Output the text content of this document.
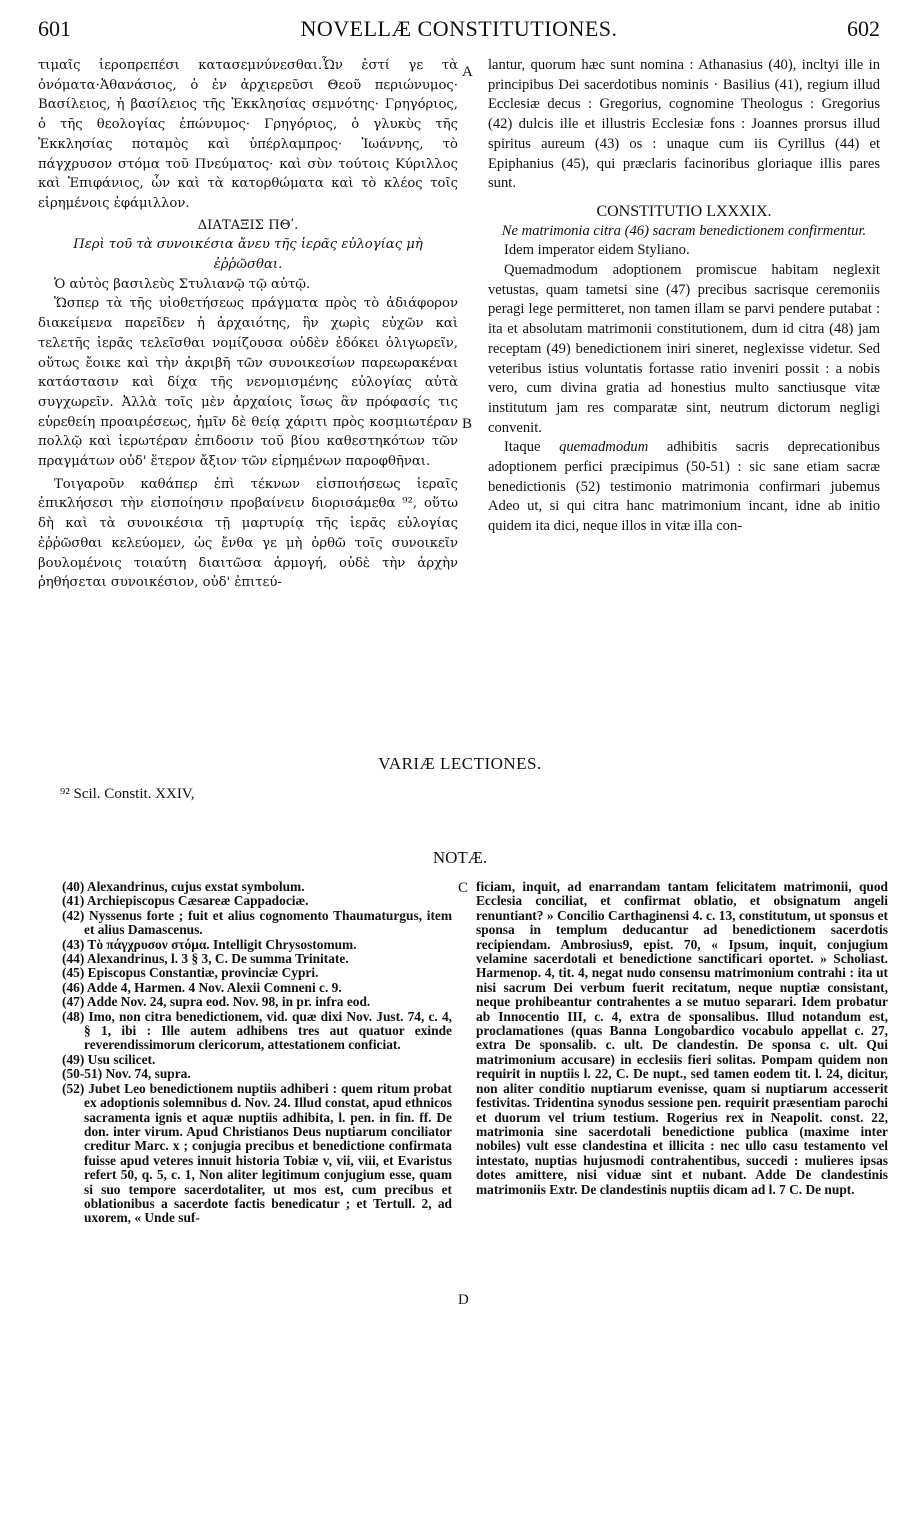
601	NOVELLÆ CONSTITUTIONES.	602

τιμαῖς ἱεροπρεπέσι κατασεμνύνεσθαι.Ὧν ἐστί γε τὰ ὀνόματα·Ἀθανάσιος, ὁ ἐν ἀρχιερεῦσι Θεοῦ περιώνυμος· Βασίλειος, ἡ βασίλειος τῆς Ἐκκλησίας σεμνότης· Γρηγόριος, ὁ τῆς θεολογίας ἐπώνυμος· Γρηγόριος, ὁ γλυκὺς τῆς Ἐκκλησίας ποταμὸς καὶ ὑπέρλαμπρος· Ἰωάννης, τὸ πάγχρυσον στόμα τοῦ Πνεύματος· καὶ σὺν τούτοις Κύριλλος καὶ Ἐπιφάνιος, ὧν καὶ τὰ κατορθώματα καὶ τὸ κλέος τοῖς εἰρημένοις ἐφάμιλλον.

ΔΙΑΤΑΞΙΣ ΠΘʹ.

Περὶ τοῦ τὰ συνοικέσια ἄνευ τῆς ἱερᾶς εὐλογίας μὴ ἐῤῥῶσθαι.

Ὁ αὐτὸς βασιλεὺς Στυλιανῷ τῷ αὐτῷ.

Ὥσπερ τὰ τῆς υἱοθετήσεως πράγματα πρὸς τὸ ἀδιάφορον διακείμενα παρεῖδεν ἡ ἀρχαιότης, ἣν χωρὶς εὐχῶν καὶ τελετῆς ἱερᾶς τελεῖσθαι νομίζουσα οὐδὲν ἐδόκει ὀλιγωρεῖν, οὕτως ἔοικε καὶ τὴν ἀκριβῆ τῶν συνοικεσίων παρεωρακέναι κατάστασιν καὶ δίχα τῆς νενομισμένης εὐλογίας αὐτὰ συγχωρεῖν. Ἀλλὰ τοῖς μὲν ἀρχαίοις ἴσως ἂν πρόφασίς τις εὑρεθείη προαιρέσεως, ἡμῖν δὲ θείᾳ χάριτι πρὸς κοσμιωτέραν πολλῷ καὶ ἱερωτέραν ἐπιδοσιν τοῦ βίου καθεστηκότων τῶν πραγμάτων οὐδ' ἕτερον ἄξιον τῶν εἰρημένων παροφθῆναι.

Τοιγαροῦν καθάπερ ἐπὶ τέκνων εἰσποιήσεως ἱεραῖς ἐπικλήσεσι τὴν εἰσποίησιν προβαίνειν διορισάμεθα ⁹², οὕτω δὴ καὶ τὰ συνοικέσια τῇ μαρτυρίᾳ τῆς ἱερᾶς εὐλογίας ἐῤῥῶσθαι κελεύομεν, ὡς ἔνθα γε μὴ ὀρθῶ τοῖς συνοικεῖν βουλομένοις τοιαύτη διαιτῶσα ἁρμογή, οὐδὲ τὴν ἀρχὴν ῥηθήσεται συνοικέσιον, οὐδ' ἐπιτεύ-

A
B

lantur, quorum hæc sunt nomina : Athanasius (40), incltyi ille in principibus Dei sacerdotibus nominis · Basilius (41), regium illud Ecclesiæ decus : Gregorius, cognomine Theologus : Gregorius (42) dulcis ille et illustris Ecclesiæ fons : Joannes prorsus illud spiritus aureum (43) os : unaque cum iis Cyrillus (44) et Epiphanius (45), qui præclaris facinoribus gloriaque illis pares sunt.

CONSTITUTIO LXXXIX.

Ne matrimonia citra (46) sacram benedictionem confirmentur.

Idem imperator eidem Styliano.

Quemadmodum adoptionem promiscue habitam neglexit vetustas, quam tametsi sine (47) precibus sacrisque ceremoniis peragi lege permitteret, non tamen illam se parvi pendere putabat : ita et absolutam matrimonii constitutionem, dum id citra (48) jam receptam (49) benedictionem iniri sineret, neglexisse videtur. Sed veteribus istius voluntatis fortasse ratio inveniri possit : a nobis vero, cum divina gratia ad honestius multo sanctiusque vitæ institutum jam res comparatæ sint, neutrum dictorum negligi convenit.

Itaque quemadmodum adhibitis sacris deprecationibus adoptionem perfici præcipimus (50-51) : sic sane etiam sacræ benedictionis (52) testimonio matrimonia confirmari jubemus Adeo ut, si qui citra hanc matrimonium incant, idne ab initio quidem ita dici, neque illos in vitæ illa con-

VARIÆ LECTIONES.
⁹² Scil. Constit. XXIV,
NOTÆ.
C
D

(40) Alexandrinus, cujus exstat symbolum.

(41) Archiepiscopus Cæsareæ Cappadociæ.

(42) Nyssenus forte ; fuit et alius cognomento Thaumaturgus, item et alius Damascenus.

(43) Τὸ πάγχρυσον στόμα. Intelligit Chrysostomum.

(44) Alexandrinus, l. 3 § 3, C. De summa Trinitate.

(45) Episcopus Constantiæ, provinciæ Cypri.

(46) Adde 4, Harmen. 4 Nov. Alexii Comneni c. 9.

(47) Adde Nov. 24, supra eod. Nov. 98, in pr. infra eod.

(48) Imo, non citra benedictionem, vid. quæ dixi Nov. Just. 74, c. 4, § 1, ibi : Ille autem adhibens tres aut quatuor exinde reverendissimorum clericorum, attestationem conficiat.

(49) Usu scilicet.

(50-51) Nov. 74, supra.

(52) Jubet Leo benedictionem nuptiis adhiberi : quem ritum probat ex adoptionis solemnibus d. Nov. 24. Illud constat, apud ethnicos sacramenta ignis et aquæ nuptiis adhibita, l. pen. in fin. ff. De don. inter virum. Apud Christianos Deus nuptiarum conciliator creditur Marc. x ; conjugia precibus et benedictione confirmata fuisse apud veteres innuit historia Tobiæ v, vii, viii, et Evaristus refert 50, q. 5, c. 1, Non aliter legitimum conjugium esse, quam si suo tempore sacerdotaliter, ut mos est, cum precibus et oblationibus a sacerdote factis benedicatur ; et Tertull. 2, ad uxorem, « Unde suf-

ficiam, inquit, ad enarrandam tantam felicitatem matrimonii, quod Ecclesia conciliat, et confirmat oblatio, et obsignatum angeli renuntiant? » Concilio Carthaginensi 4. c. 13, constitutum, ut sponsus et sponsa in templum deducantur ad benedictionem sacerdotis recipiendam. Ambrosius9, epist. 70, « Ipsum, inquit, conjugium velamine sacerdotali et benedictione sanctificari oportet. » Scholiast. Harmenop. 4, tit. 4, negat nudo consensu matrimonium contrahi : ita ut nisi sacrum Dei verbum fuerit recitatum, neque nuptiæ consistant, neque prohibeantur contrahentes a se mutuo separari. Idem probatur ab Innocentio III, c. 4, extra de sponsalibus. Illud notandum est, proclamationes (quas Banna Longobardico vocabulo appellat c. 27, extra De sponsalib. c. ult. De clandestin. De sponsa c. ult. Qui matrimonium accusare) in ecclesiis fieri solitas. Pompam quidem non requirit in nuptiis l. 22, C. De nupt., sed tamen eodem tit. l. 24, dicitur, non aliter conditio nuptiarum evenisse, quam si nuptiarum accesserit festivitas. Tridentina synodus sessione pen. requirit præsentiam parochi et duorum vel trium testium. Rogerius rex in Neapolit. const. 22, matrimonia sine sacerdotali benedictione publica (maxime inter nobiles) vult esse clandestina et illicita : nec ullo casu testamento vel intestato, nuptias hujusmodi contrahentibus, succedi : mulieres ipsas dotes amittere, nisi viduæ sint et nubant. Adde De clandestinis matrimoniis Extr. De clandestinis nuptiis dicam ad l. 7 C. De nupt.
